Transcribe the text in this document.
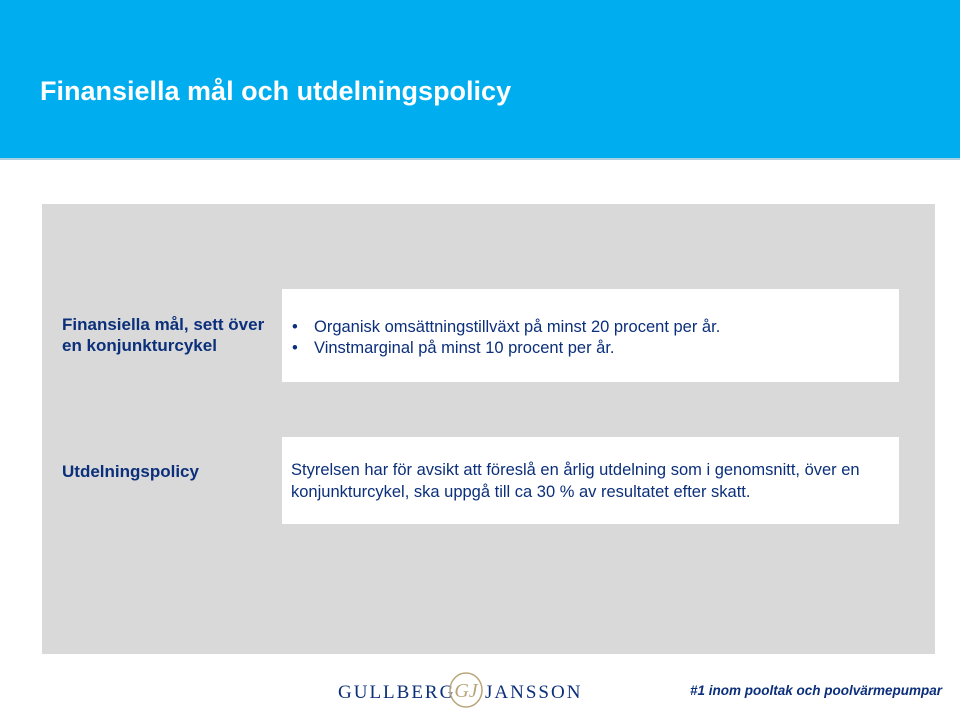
Finansiella mål och utdelningspolicy
Finansiella mål, sett över en konjunkturcykel
• Organisk omsättningstillväxt på minst 20 procent per år.
• Vinstmarginal på minst 10 procent per år.
Utdelningspolicy	Styrelsen har för avsikt att föreslå en årlig utdelning som i genomsnitt, över en konjunkturcykel, ska uppgå till ca 30 % av resultatet efter skatt.

GULLBERG GJ JANSSON	#1 inom pooltak och poolvärmepumpar
